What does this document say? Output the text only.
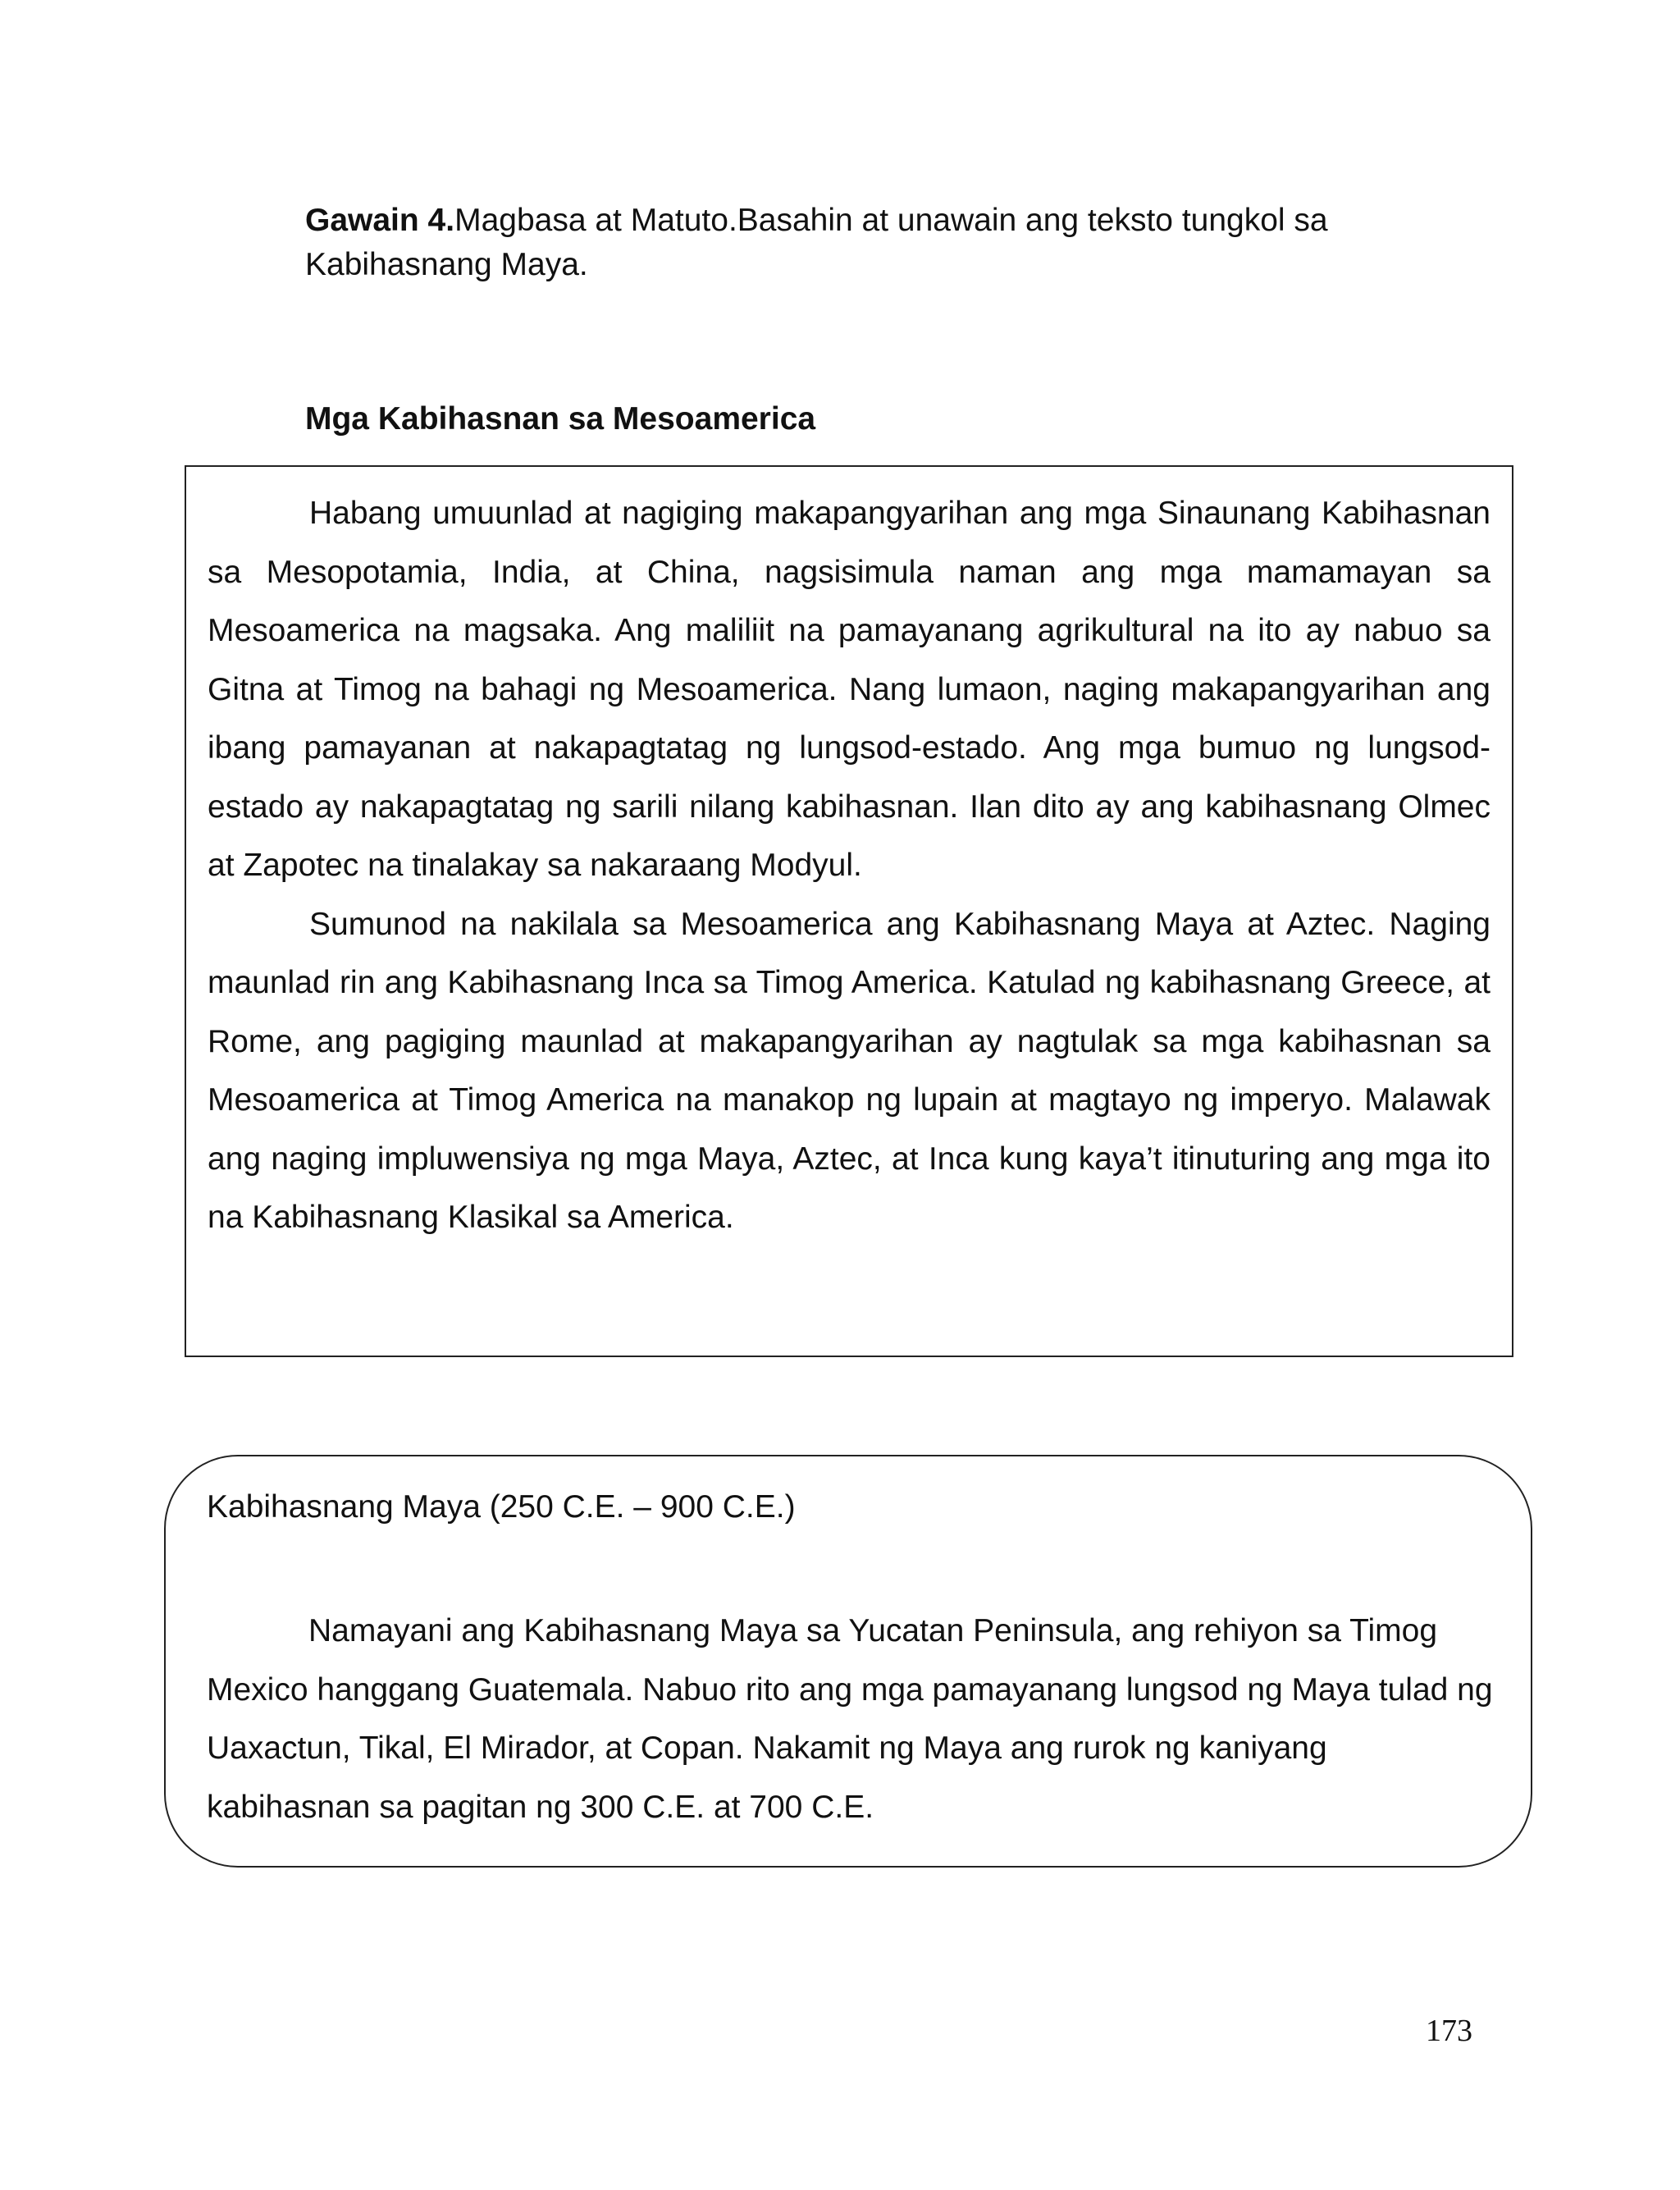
Gawain 4.Magbasa at Matuto.Basahin at unawain ang teksto tungkol sa Kabihasnang Maya.
Mga Kabihasnan sa Mesoamerica

Habang umuunlad at nagiging makapangyarihan ang mga Sinaunang Kabihasnan sa Mesopotamia, India, at China, nagsisimula naman ang mga mamamayan sa Mesoamerica na magsaka. Ang maliliit na pamayanang agrikultural na ito ay nabuo sa Gitna at Timog na bahagi ng Mesoamerica. Nang lumaon, naging makapangyarihan ang ibang pamayanan at nakapagtatag ng lungsod-estado. Ang mga bumuo ng lungsod-estado ay nakapagtatag ng sarili nilang kabihasnan. Ilan dito ay ang kabihasnang Olmec at Zapotec na tinalakay sa nakaraang Modyul.

Sumunod na nakilala sa Mesoamerica ang Kabihasnang Maya at Aztec. Naging maunlad rin ang Kabihasnang Inca sa Timog America. Katulad ng kabihasnang Greece, at Rome, ang pagiging maunlad at makapangyarihan ay nagtulak sa mga kabihasnan sa Mesoamerica at Timog America na manakop ng lupain at magtayo ng imperyo. Malawak ang naging impluwensiya ng mga Maya, Aztec, at Inca kung kaya’t itinuturing ang mga ito na Kabihasnang Klasikal sa America.

Kabihasnang Maya (250 C.E. – 900 C.E.)

Namayani ang Kabihasnang Maya sa Yucatan Peninsula, ang rehiyon sa Timog Mexico hanggang Guatemala. Nabuo rito ang mga pamayanang lungsod ng Maya tulad ng Uaxactun, Tikal, El Mirador, at Copan. Nakamit ng Maya ang rurok ng kaniyang kabihasnan sa pagitan ng 300 C.E. at 700 C.E.

173
